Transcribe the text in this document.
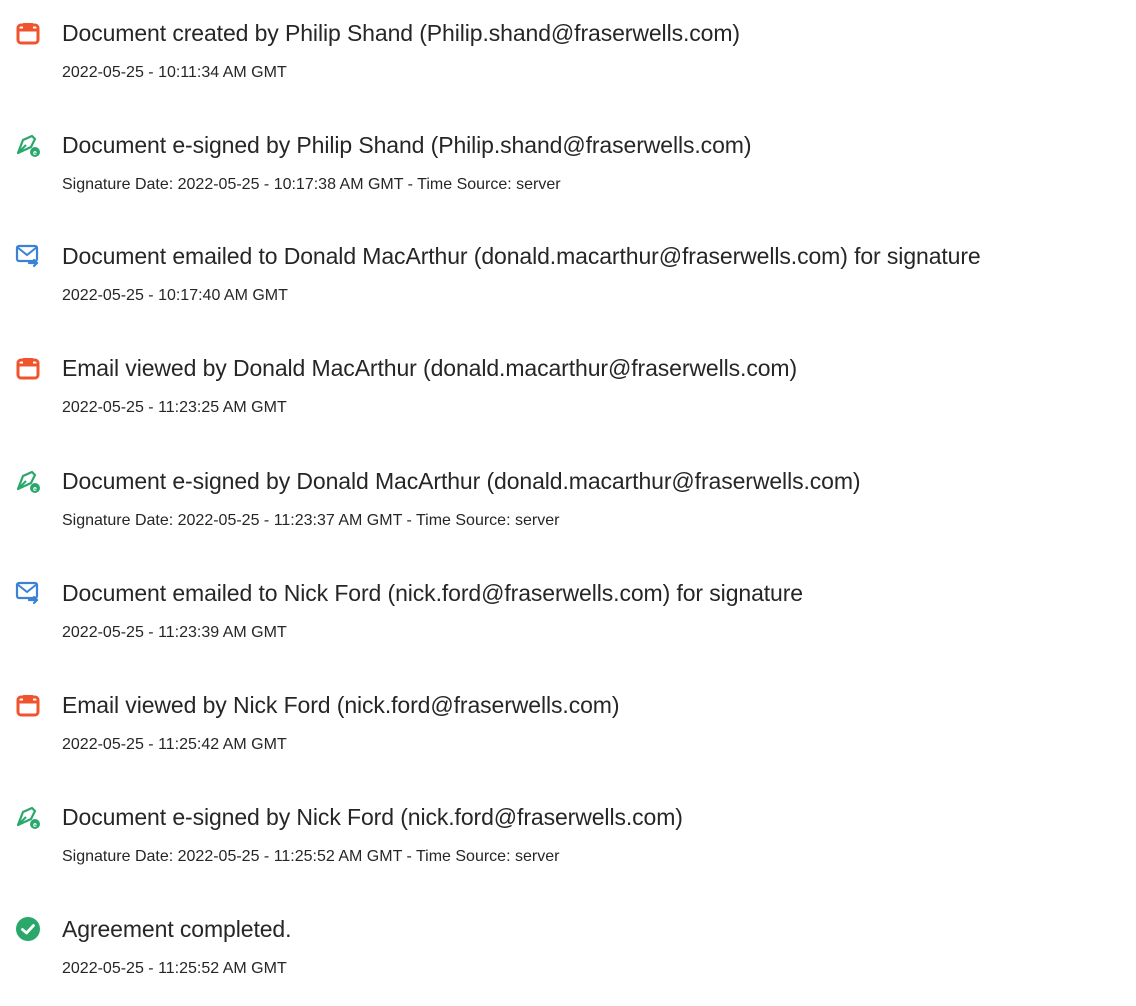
Document created by Philip Shand (Philip.shand@fraserwells.com)
2022-05-25 - 10:11:34 AM GMT
e Document e-signed by Philip Shand (Philip.shand@fraserwells.com)
Signature Date: 2022-05-25 - 10:17:38 AM GMT - Time Source: server
Document emailed to Donald MacArthur (donald.macarthur@fraserwells.com) for signature
2022-05-25 - 10:17:40 AM GMT
Email viewed by Donald MacArthur (donald.macarthur@fraserwells.com)
2022-05-25 - 11:23:25 AM GMT
e Document e-signed by Donald MacArthur (donald.macarthur@fraserwells.com)
Signature Date: 2022-05-25 - 11:23:37 AM GMT - Time Source: server
Document emailed to Nick Ford (nick.ford@fraserwells.com) for signature
2022-05-25 - 11:23:39 AM GMT
Email viewed by Nick Ford (nick.ford@fraserwells.com)
2022-05-25 - 11:25:42 AM GMT
e Document e-signed by Nick Ford (nick.ford@fraserwells.com)
Signature Date: 2022-05-25 - 11:25:52 AM GMT - Time Source: server
Agreement completed.
2022-05-25 - 11:25:52 AM GMT
